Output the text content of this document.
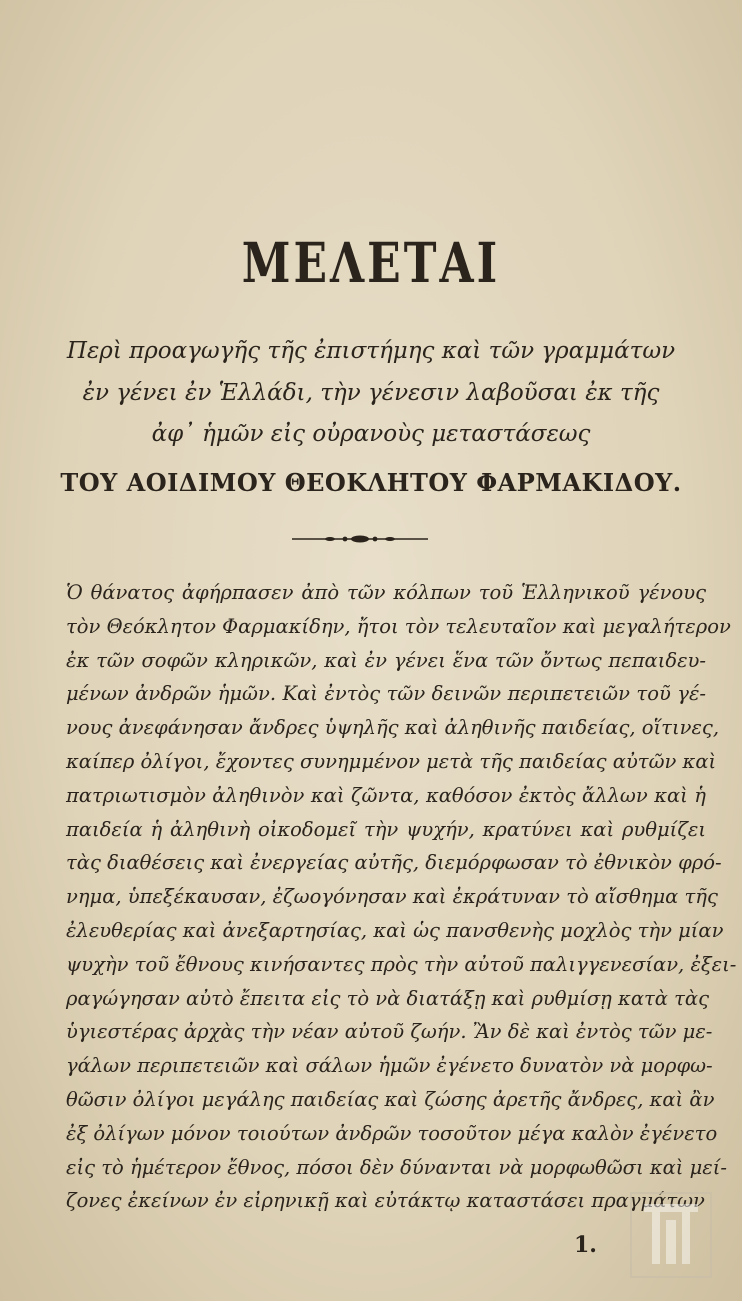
ΜΕΛΕΤΑΙ

Περὶ προαγωγῆς τῆς ἐπιστήμης καὶ τῶν γραμμάτων

ἐν γένει ἐν Ἑλλάδι, τὴν γένεσιν λαβοῦσαι ἐκ τῆς

ἀφ᾽ ἡμῶν εἰς οὐρανοὺς μεταστάσεως

ΤΟΥ ΑΟΙΔΙΜΟΥ ΘΕΟΚΛΗΤΟΥ ΦΑΡΜΑΚΙΔΟΥ.

Ὁ θάνατος ἀφήρπασεν ἀπὸ τῶν κόλπων τοῦ Ἑλληνικοῦ γένους
τὸν Θεόκλητον Φαρμακίδην, ἤτοι τὸν τελευταῖον καὶ μεγαλήτερον
ἐκ τῶν σοφῶν κληρικῶν, καὶ ἐν γένει ἕνα τῶν ὄντως πεπαιδευ-
μένων ἀνδρῶν ἡμῶν. Καὶ ἐντὸς τῶν δεινῶν περιπετειῶν τοῦ γέ-
νους ἀνεφάνησαν ἄνδρες ὑψηλῆς καὶ ἀληθινῆς παιδείας, οἵτινες,
καίπερ ὀλίγοι, ἔχοντες συνημμένον μετὰ τῆς παιδείας αὐτῶν καὶ
πατριωτισμὸν ἀληθινὸν καὶ ζῶντα, καθόσον ἐκτὸς ἄλλων καὶ ἡ
παιδεία ἡ ἀληθινὴ οἰκοδομεῖ τὴν ψυχήν, κρατύνει καὶ ρυθμίζει
τὰς διαθέσεις καὶ ἐνεργείας αὐτῆς, διεμόρφωσαν τὸ ἐθνικὸν φρό-
νημα, ὑπεξέκαυσαν, ἐζωογόνησαν καὶ ἐκράτυναν τὸ αἴσθημα τῆς
ἐλευθερίας καὶ ἀνεξαρτησίας, καὶ ὡς πανσθενὴς μοχλὸς τὴν μίαν
ψυχὴν τοῦ ἔθνους κινήσαντες πρὸς τὴν αὐτοῦ παλιγγενεσίαν, ἐξει-
ραγώγησαν αὐτὸ ἔπειτα εἰς τὸ νὰ διατάξῃ καὶ ρυθμίσῃ κατὰ τὰς
ὑγιεστέρας ἀρχὰς τὴν νέαν αὐτοῦ ζωήν. Ἂν δὲ καὶ ἐντὸς τῶν με-
γάλων περιπετειῶν καὶ σάλων ἡμῶν ἐγένετο δυνατὸν νὰ μορφω-
θῶσιν ὀλίγοι μεγάλης παιδείας καὶ ζώσης ἀρετῆς ἄνδρες, καὶ ἂν
ἐξ ὀλίγων μόνον τοιούτων ἀνδρῶν τοσοῦτον μέγα καλὸν ἐγένετο
εἰς τὸ ἡμέτερον ἔθνος, πόσοι δὲν δύνανται νὰ μορφωθῶσι καὶ μεί-
ζονες ἐκείνων ἐν εἰρηνικῇ καὶ εὐτάκτῳ καταστάσει πραγμάτων

1.
